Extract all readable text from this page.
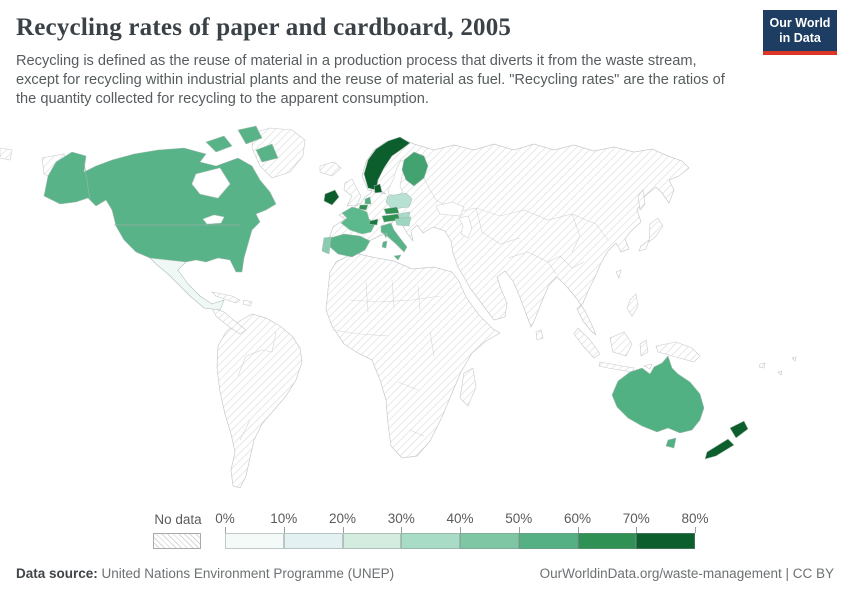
Recycling rates of paper and cardboard, 2005

Recycling is defined as the reuse of material in a production process that diverts it from the waste stream, except for recycling within industrial plants and the reuse of material as fuel. "Recycling rates" are the ratios of the quantity collected for recycling to the apparent consumption.

Our World
in Data
No data 0%	10% 20% 30% 40% 50% 60% 70% 80%
Data source: United Nations Environment Programme (UNEP)	OurWorldinData.org/waste-management | CC BY
